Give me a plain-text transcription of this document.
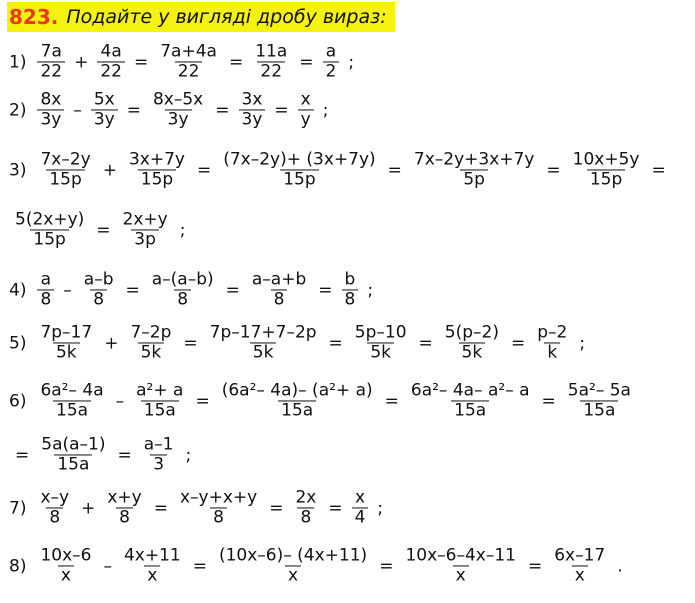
823. Подайте у вигляді дробу вираз:
$1) \frac{7a}{22} + \frac{4a}{22} = \frac{7a+4a}{22} = \frac{11a}{22} = \frac{a}{2}$ ;
$2) \frac{8x}{3y} - \frac{5x}{3y} = \frac{8x-5x}{3y} = \frac{3x}{3y} = \frac{x}{y}$ ;
$3) \frac{7x-2y}{15p} + \frac{3x+7y}{15p} = \frac{(7x-2y)+ (3x+7y)}{15p} = \frac{7x-2y+3x+7y}{5p} = \frac{10x+5y}{15p}$ =
$\frac{5(2x+y)}{15p} = \frac{2x+y}{3p}$ ;
$4) \frac{a}{8} - \frac{a-b}{8} = \frac{a-(a-b)}{8} = \frac{a-a+b}{8} = \frac{b}{8}$ ;
$5) \frac{7p-17}{5k} + \frac{7-2p}{5k} = \frac{7p-17+7-2p}{5k} = \frac{5p-10}{5k} = \frac{5(p-2)}{5k} = \frac{p-2}{k}$ ;
$6) \frac{\text{6a²– 4a}}{15a} - \frac{\text{a²+ a}}{15a} = \frac{\text{(6a²– 4a)– (a²+ a)}}{15a} = \frac{\text{6a²– 4a– a²– a}}{15a} = \frac{\text{5a²– 5a}}{15a}$
= $\frac{5a(a-1)}{15a} = \frac{a-1}{3}$ ;
$7) \frac{x-y}{8} + \frac{x+y}{8} = \frac{x-y+x+y}{8} = \frac{2x}{8} = \frac{x}{4}$ ;
$8) \frac{10x-6}{x} - \frac{4x+11}{x} = \frac{(10x-6)- (4x+11)}{x} = \frac{10x-6-4x-11}{x} = \frac{6x-17}{x}$ .
